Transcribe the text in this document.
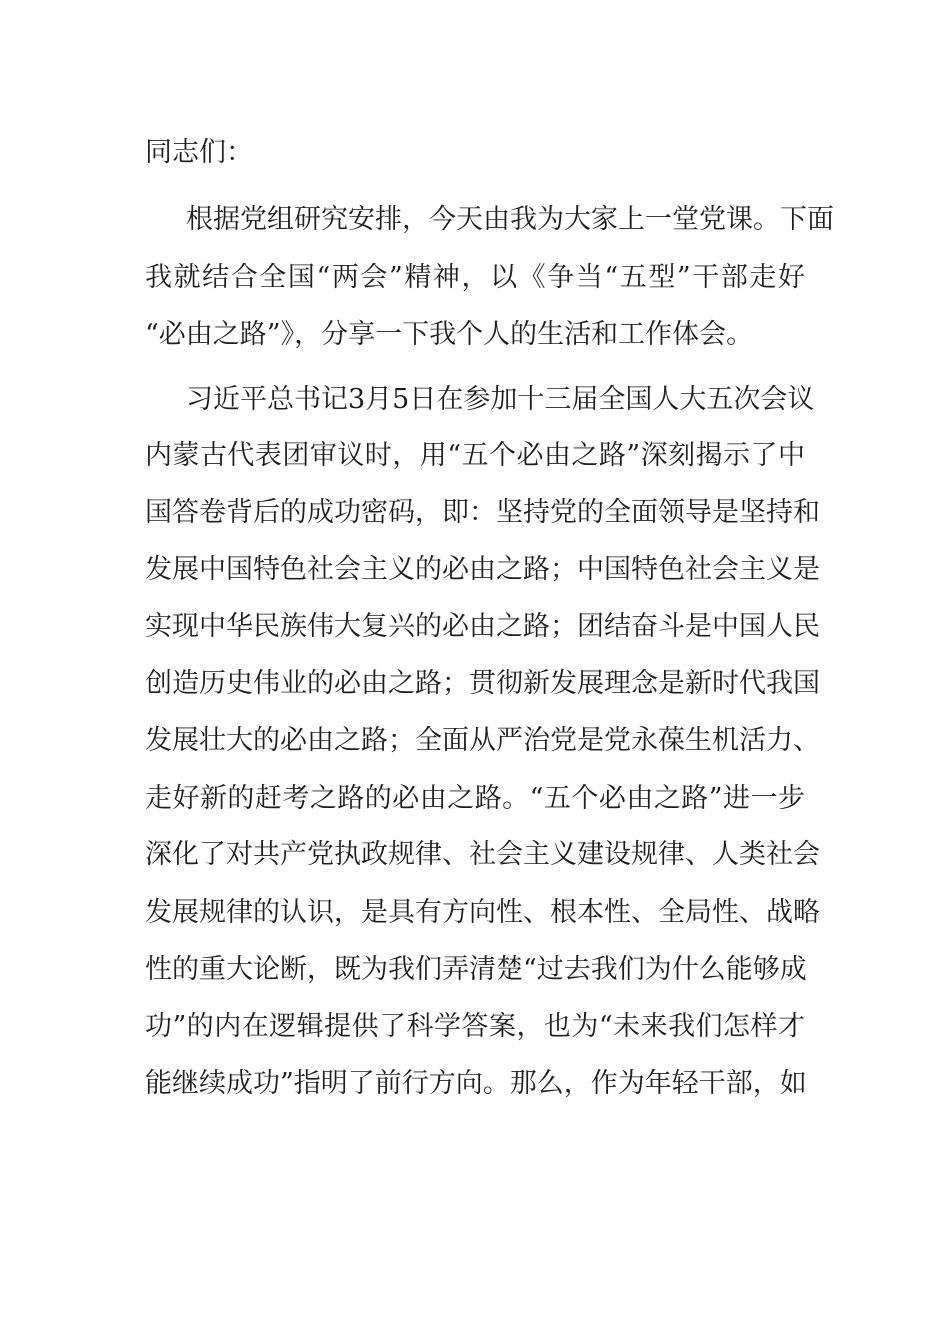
同志们：
根据党组研究安排，今天由我为大家上一堂党课。下面
我就结合全国“两会”精神，以《争当“五型”干部走好
“必由之路”》，分享一下我个人的生活和工作体会。
习近平总书记3月5日在参加十三届全国人大五次会议
内蒙古代表团审议时，用“五个必由之路”深刻揭示了中
国答卷背后的成功密码，即：坚持党的全面领导是坚持和
发展中国特色社会主义的必由之路；中国特色社会主义是
实现中华民族伟大复兴的必由之路；团结奋斗是中国人民
创造历史伟业的必由之路；贯彻新发展理念是新时代我国
发展壮大的必由之路；全面从严治党是党永葆生机活力、
走好新的赶考之路的必由之路。“五个必由之路”进一步
深化了对共产党执政规律、社会主义建设规律、人类社会
发展规律的认识，是具有方向性、根本性、全局性、战略
性的重大论断，既为我们弄清楚“过去我们为什么能够成
功”的内在逻辑提供了科学答案，也为“未来我们怎样才
能继续成功”指明了前行方向。那么，作为年轻干部，如
